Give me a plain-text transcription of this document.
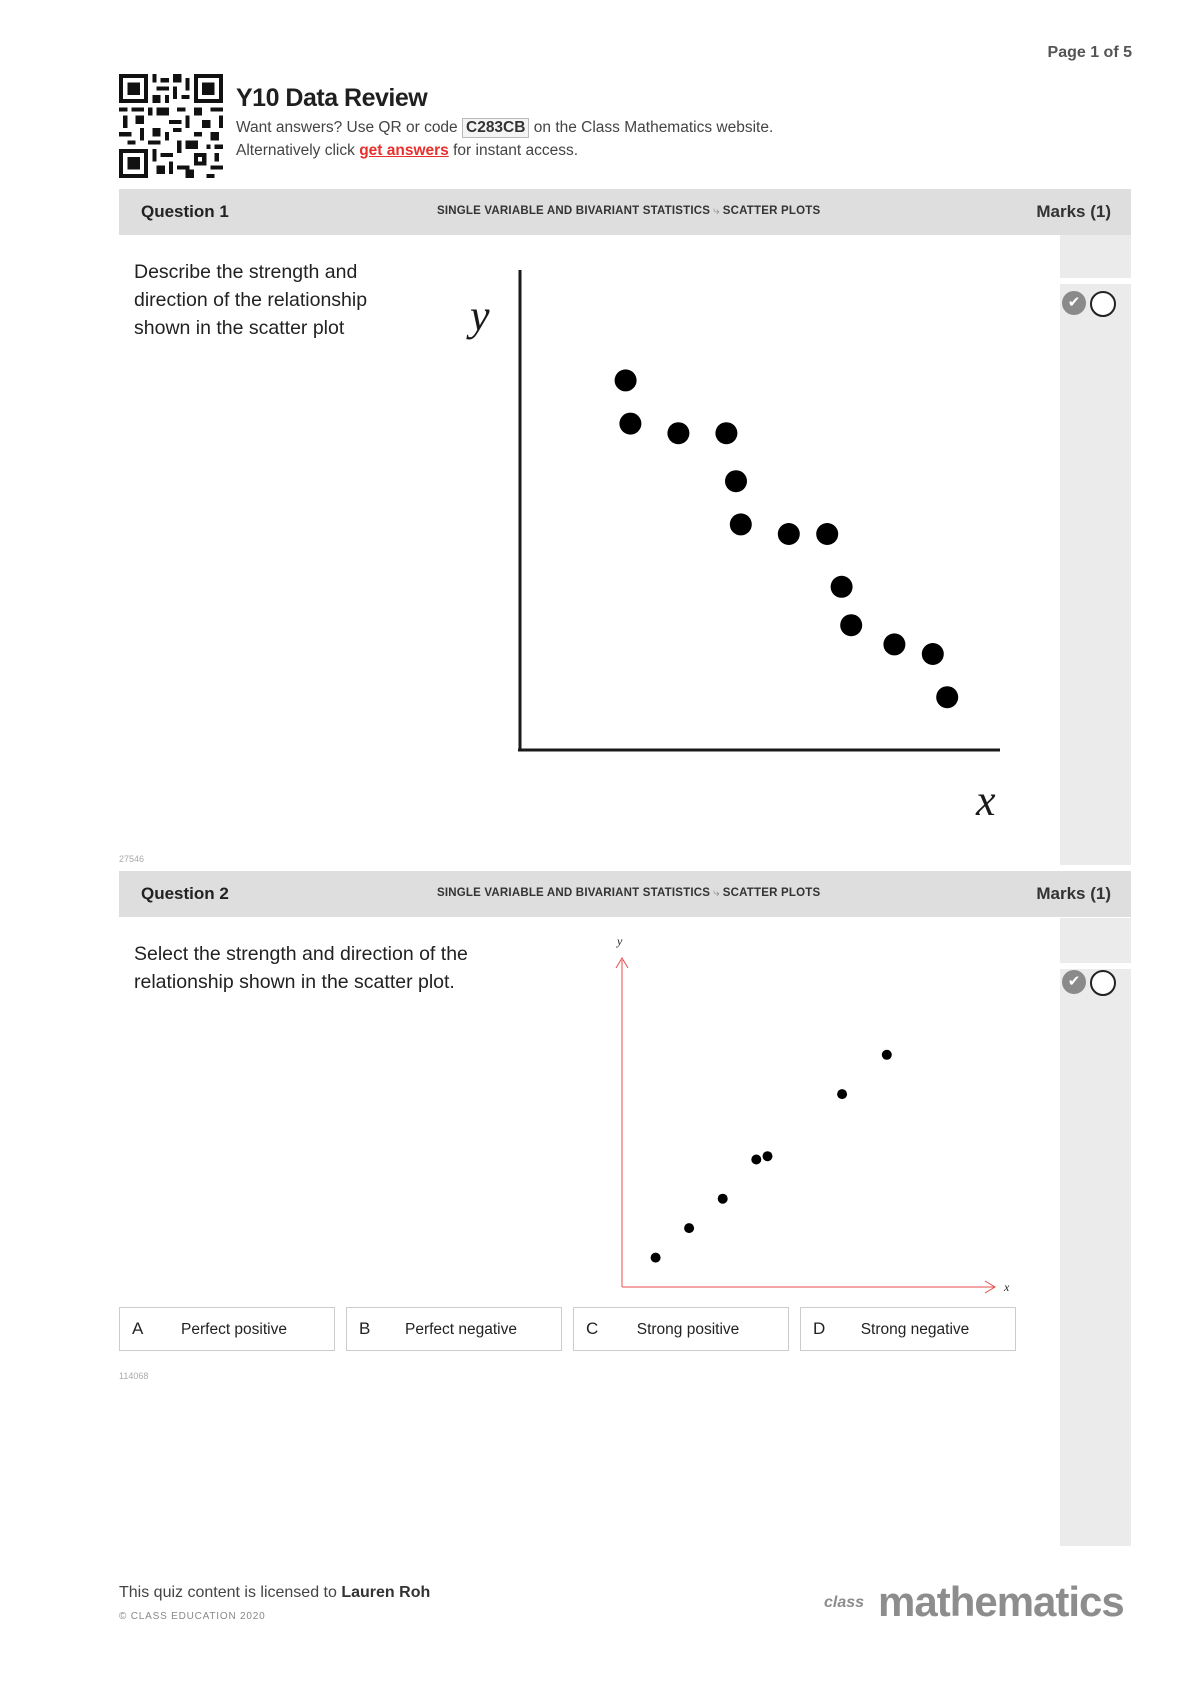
Page 1 of 5
Y10 Data Review
Want answers? Use QR or code C283CB on the Class Mathematics website.
Alternatively click get answers for instant access.
Question 1	SINGLE VARIABLE AND BIVARIANT STATISTICS ⤷ SCATTER PLOTS	Marks (1)
✔
Describe the strength and direction of the relationship shown in the scatter plot	y
x
27546
Question 2	SINGLE VARIABLE AND BIVARIANT STATISTICS ⤷ SCATTER PLOTS	Marks (1)
✔
Select the strength and direction of the relationship shown in the scatter plot.
y
x
A	Perfect positive	B	Perfect negative	C	Strong positive	D	Strong negative
114068
This quiz content is licensed to Lauren Roh
© CLASS EDUCATION 2020
class mathematics
